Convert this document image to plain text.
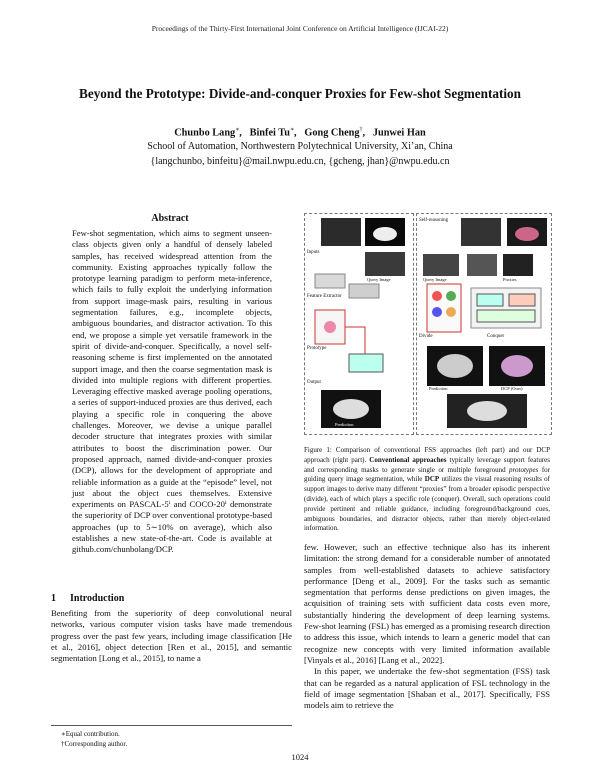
Proceedings of the Thirty-First International Joint Conference on Artificial Intelligence (IJCAI-22)
Beyond the Prototype: Divide-and-conquer Proxies for Few-shot Segmentation
Chunbo Lang∗,   Binfei Tu∗,   Gong Cheng†,   Junwei Han
School of Automation, Northwestern Polytechnical University, Xi’an, China
{langchunbo, binfeitu}@mail.nwpu.edu.cn, {gcheng, jhan}@nwpu.edu.cn
Abstract
Few-shot segmentation, which aims to segment unseen-class objects given only a handful of densely labeled samples, has received widespread attention from the community. Existing approaches typically follow the prototype learning paradigm to perform meta-inference, which fails to fully exploit the underlying information from support image-mask pairs, resulting in various segmentation failures, e.g., incomplete objects, ambiguous boundaries, and distractor activation. To this end, we propose a simple yet versatile framework in the spirit of divide-and-conquer. Specifically, a novel self-reasoning scheme is first implemented on the annotated support image, and then the coarse segmentation mask is divided into multiple regions with different properties. Leveraging effective masked average pooling operations, a series of support-induced proxies are thus derived, each playing a specific role in conquering the above challenges. Moreover, we devise a unique parallel decoder structure that integrates proxies with similar attributes to boost the discrimination power. Our proposed approach, named divide-and-conquer proxies (DCP), allows for the development of appropriate and reliable information as a guide at the “episode” level, not just about the object cues themselves. Extensive experiments on PASCAL-5ⁱ and COCO-20ⁱ demonstrate the superiority of DCP over conventional prototype-based approaches (up to 5∼10% on average), which also establishes a new state-of-the-art. Code is available at github.com/chunbolang/DCP.
1 Introduction
Benefiting from the superiority of deep convolutional neural networks, various computer vision tasks have made tremendous progress over the past few years, including image classification [He et al., 2016], object detection [Ren et al., 2015], and semantic segmentation [Long et al., 2015], to name a
∗Equal contribution.
†Corresponding author.
Inputs
Feature Extractor
Prototype
Output
Support Image	Support Mask
Query Image
Prediction
Self-reasoning
Divide	Conquer
Support Image	Support Mask
Query Image	Proxies
Prediction	DCP (Ours)
Figure 1: Comparison of conventional FSS approaches (left part) and our DCP approach (right part). Conventional approaches typically leverage support features and corresponding masks to generate single or multiple foreground prototypes for guiding query image segmentation, while DCP utilizes the visual reasoning results of support images to derive many different “proxies” from a broader episodic perspective (divide), each of which plays a specific role (conquer). Overall, such operations could provide pertinent and reliable guidance, including foreground/background cues, ambiguous boundaries, and distractor objects, rather than merely object-related information.
few. However, such an effective technique also has its inherent limitation: the strong demand for a considerable number of annotated samples from well-established datasets to achieve satisfactory performance [Deng et al., 2009]. For the tasks such as semantic segmentation that performs dense predictions on given images, the acquisition of training sets with sufficient data costs even more, substantially hindering the development of deep learning systems. Few-shot learning (FSL) has emerged as a promising research direction to address this issue, which intends to learn a generic model that can recognize new concepts with very limited information available [Vinyals et al., 2016] [Lang et al., 2022].
In this paper, we undertake the few-shot segmentation (FSS) task that can be regarded as a natural application of FSL technology in the field of image segmentation [Shaban et al., 2017]. Specifically, FSS models aim to retrieve the
1024
